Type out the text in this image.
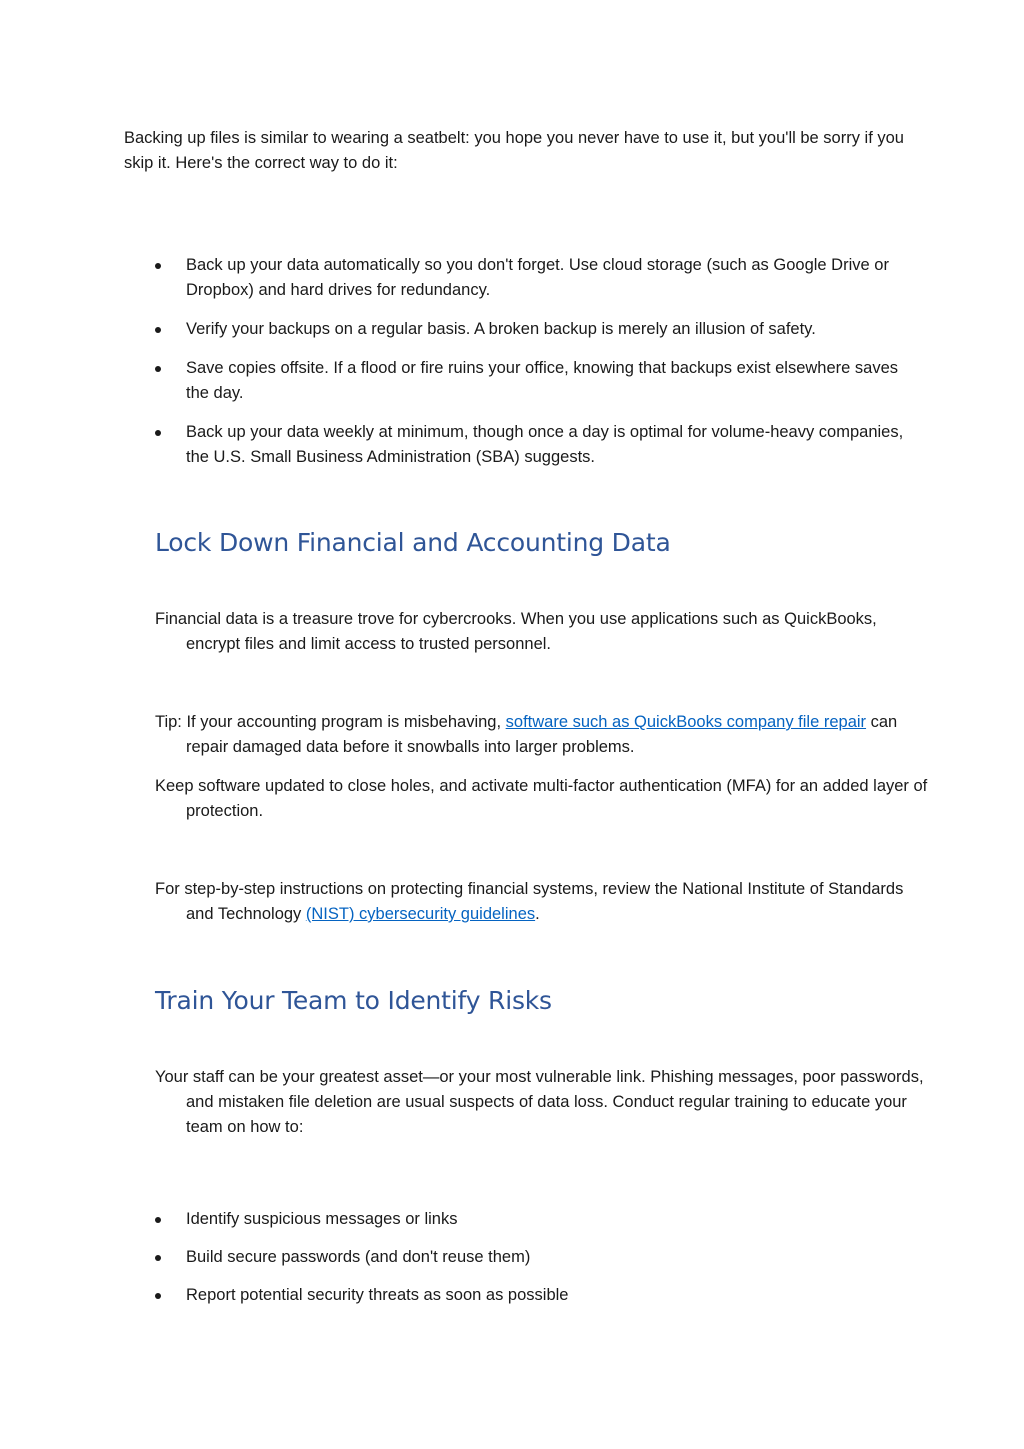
Backing up files is similar to wearing a seatbelt: you hope you never have to use it, but you'll be sorry if you skip it. Here's the correct way to do it:

Back up your data automatically so you don't forget. Use cloud storage (such as Google Drive or Dropbox) and hard drives for redundancy.
Verify your backups on a regular basis. A broken backup is merely an illusion of safety.
Save copies offsite. If a flood or fire ruins your office, knowing that backups exist elsewhere saves the day.
Back up your data weekly at minimum, though once a day is optimal for volume-heavy companies, the U.S. Small Business Administration (SBA) suggests.
Lock Down Financial and Accounting Data

Financial data is a treasure trove for cybercrooks. When you use applications such as QuickBooks, encrypt files and limit access to trusted personnel.

Tip: If your accounting program is misbehaving, software such as QuickBooks company file repair can repair damaged data before it snowballs into larger problems.

Keep software updated to close holes, and activate multi-factor authentication (MFA) for an added layer of protection.

For step-by-step instructions on protecting financial systems, review the National Institute of Standards and Technology (NIST) cybersecurity guidelines.

Train Your Team to Identify Risks

Your staff can be your greatest asset—or your most vulnerable link. Phishing messages, poor passwords, and mistaken file deletion are usual suspects of data loss. Conduct regular training to educate your team on how to:

Identify suspicious messages or links
Build secure passwords (and don't reuse them)
Report potential security threats as soon as possible
